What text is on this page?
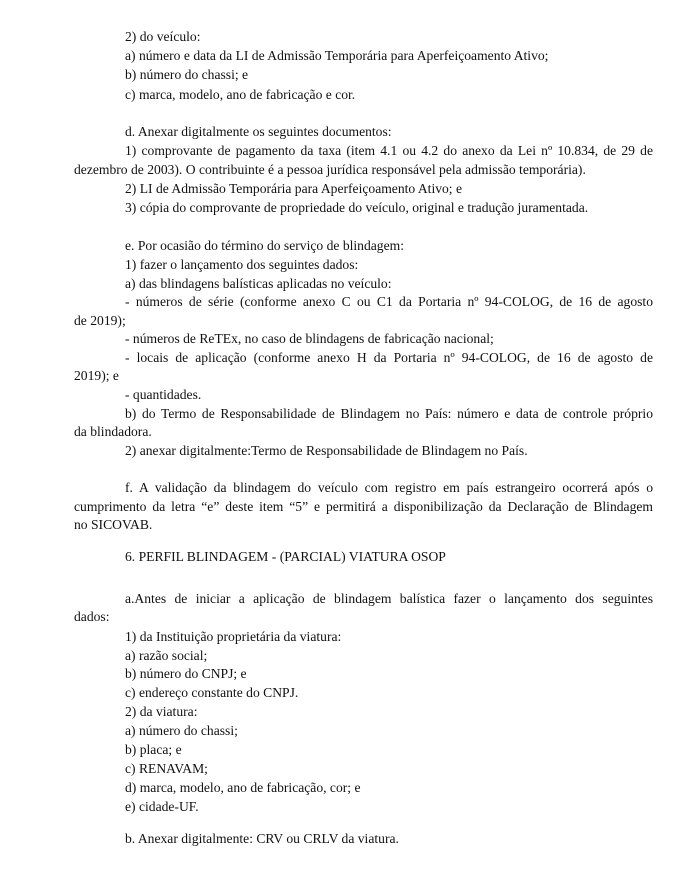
2) do veículo:
a) número e data da LI de Admissão Temporária para Aperfeiçoamento Ativo;
b) número do chassi; e
c) marca, modelo, ano de fabricação e cor.
d. Anexar digitalmente os seguintes documentos:
1) comprovante de pagamento da taxa (item 4.1 ou 4.2 do anexo da Lei nº 10.834, de 29 de
dezembro de 2003). O contribuinte é a pessoa jurídica responsável pela admissão temporária).
2) LI de Admissão Temporária para Aperfeiçoamento Ativo; e
3) cópia do comprovante de propriedade do veículo, original e tradução juramentada.
e. Por ocasião do término do serviço de blindagem:
1) fazer o lançamento dos seguintes dados:
a) das blindagens balísticas aplicadas no veículo:
- números de série (conforme anexo C ou C1 da Portaria nº 94-COLOG, de 16 de agosto
de 2019);
- números de ReTEx, no caso de blindagens de fabricação nacional;
- locais de aplicação (conforme anexo H da Portaria nº 94-COLOG, de 16 de agosto de
2019); e
- quantidades.
b) do Termo de Responsabilidade de Blindagem no País: número e data de controle próprio
da blindadora.
2) anexar digitalmente:Termo de Responsabilidade de Blindagem no País.
f. A validação da blindagem do veículo com registro em país estrangeiro ocorrerá após o
cumprimento da letra “e” deste item “5” e permitirá a disponibilização da Declaração de Blindagem
no SICOVAB.
6. PERFIL BLINDAGEM - (PARCIAL) VIATURA OSOP
a.Antes de iniciar a aplicação de blindagem balística fazer o lançamento dos seguintes
dados:
1) da Instituição proprietária da viatura:
a) razão social;
b) número do CNPJ; e
c) endereço constante do CNPJ.
2) da viatura:
a) número do chassi;
b) placa; e
c) RENAVAM;
d) marca, modelo, ano de fabricação, cor; e
e) cidade-UF.
b. Anexar digitalmente: CRV ou CRLV da viatura.
